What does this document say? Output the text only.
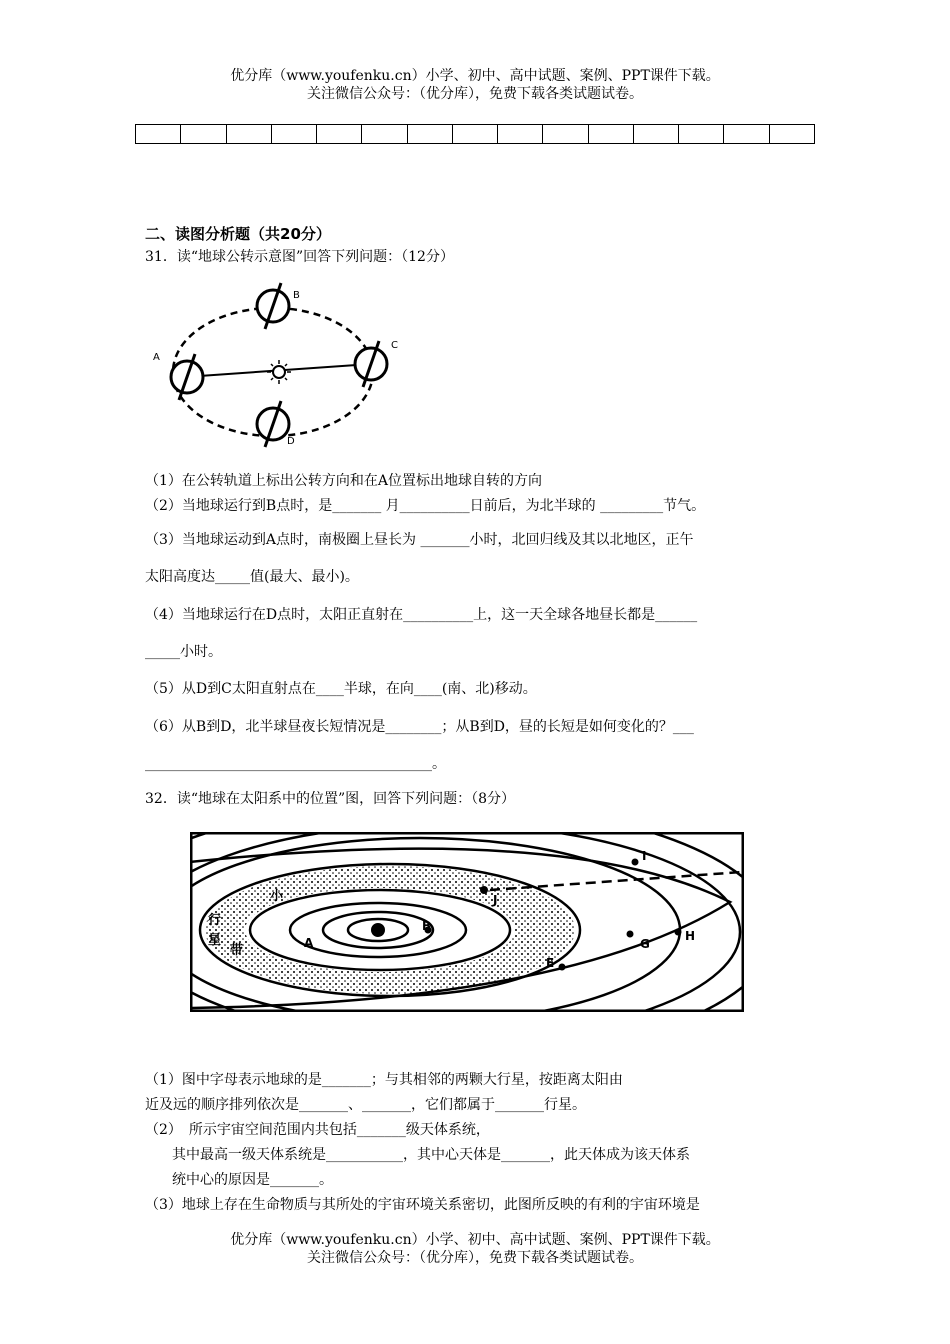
优分库（www.youfenku.cn）小学、初中、高中试题、案例、PPT课件下载。
关注微信公众号：（优分库），免费下载各类试题试卷。
二、读图分析题（共20分）
31．读“地球公转示意图”回答下列问题：（12分）
A
B
C
D
（1）在公转轨道上标出公转方向和在A位置标出地球自转的方向
（2）当地球运行到B点时，是_______ 月__________日前后，为北半球的 _________节气。
（3）当地球运动到A点时，南极圈上昼长为 _______小时，北回归线及其以北地区，正午
太阳高度达_____值(最大、最小)。
（4）当地球运行在D点时，太阳正直射在__________上，这一天全球各地昼长都是______
_____小时。
（5）从D到C太阳直射点在____半球，在向____(南、北)移动。
（6）从B到D，北半球昼夜长短情况是________；从B到D，昼的长短是如何变化的？___
_________________________________________。
32．读“地球在太阳系中的位置”图，回答下列问题：（8分）
I
J
G
H
E
A
B
行
星
带
小
（1）图中字母表示地球的是_______；与其相邻的两颗大行星，按距离太阳由
近及远的顺序排列依次是_______、_______，它们都属于_______行星。
（2）　所示宇宙空间范围内共包括_______级天体系统，
其中最高一级天体系统是___________，其中心天体是_______，此天体成为该天体系
统中心的原因是_______。
（3）地球上存在生命物质与其所处的宇宙环境关系密切，此图所反映的有利的宇宙环境是
优分库（www.youfenku.cn）小学、初中、高中试题、案例、PPT课件下载。
关注微信公众号：（优分库），免费下载各类试题试卷。
